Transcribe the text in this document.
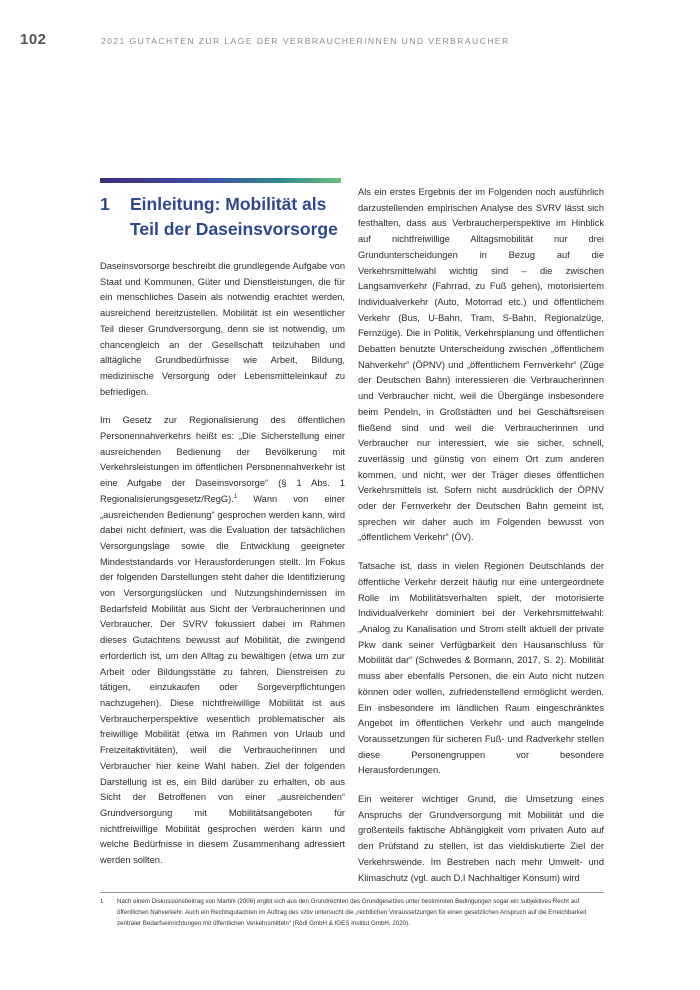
102	2021 GUTACHTEN ZUR LAGE DER VERBRAUCHERINNEN UND VERBRAUCHER
1 Einleitung: Mobilität als Teil der Daseinsvorsorge

Daseinsvorsorge beschreibt die grundlegende Aufgabe von Staat und Kommunen, Güter und Dienstleistungen, die für ein menschliches Dasein als notwendig erachtet werden, ausreichend bereitzustellen. Mobilität ist ein wesentlicher Teil dieser Grundversorgung, denn sie ist notwendig, um chancengleich an der Gesellschaft teilzuhaben und alltägliche Grundbedürfnisse wie Arbeit, Bildung, medizinische Versorgung oder Lebensmitteleinkauf zu befriedigen.

Im Gesetz zur Regionalisierung des öffentlichen Personennahverkehrs heißt es: „Die Sicherstellung einer ausreichenden Bedienung der Bevölkerung mit Verkehrsleistungen im öffentlichen Personennahverkehr ist eine Aufgabe der Daseinsvorsorge“ (§ 1 Abs. 1 Regionalisierungsgesetz/RegG).$^1$ Wann von einer „ausreichenden Bedienung“ gesprochen werden kann, wird dabei nicht definiert, was die Evaluation der tatsächlichen Versorgungslage sowie die Entwicklung geeigneter Mindeststandards vor Herausforderungen stellt. Im Fokus der folgenden Darstellungen steht daher die Identifizierung von Versorgungslücken und Nutzungshindernissen im Bedarfsfeld Mobilität aus Sicht der Verbraucherinnen und Verbraucher. Der SVRV fokussiert dabei im Rahmen dieses Gutachtens bewusst auf Mobilität, die zwingend erforderlich ist, um den Alltag zu bewältigen (etwa um zur Arbeit oder Bildungsstätte zu fahren, Dienstreisen zu tätigen, einzukaufen oder Sorgeverpflichtungen nachzugehen). Diese nichtfreiwillige Mobilität ist aus Verbraucherperspektive wesentlich problematischer als freiwillige Mobilität (etwa im Rahmen von Urlaub und Freizeitaktivitäten), weil die Verbraucherinnen und Verbraucher hier keine Wahl haben. Ziel der folgenden Darstellung ist es, ein Bild darüber zu erhalten, ob aus Sicht der Betroffenen von einer „ausreichenden“ Grundversorgung mit Mobilitätsangeboten für nichtfreiwillige Mobilität gesprochen werden kann und welche Bedürfnisse in diesem Zusammenhang adressiert werden sollten.

Als ein erstes Ergebnis der im Folgenden noch ausführlich darzustellenden empirischen Analyse des SVRV lässt sich festhalten, dass aus Verbraucherperspektive im Hinblick auf nichtfreiwillige Alltagsmobilität nur drei Grundunterscheidungen in Bezug auf die Verkehrsmittelwahl wichtig sind – die zwischen Langsamverkehr (Fahrrad, zu Fuß gehen), motorisiertem Individualverkehr (Auto, Motorrad etc.) und öffentlichem Verkehr (Bus, U-Bahn, Tram, S-Bahn, Regionalzüge, Fernzüge). Die in Politik, Verkehrsplanung und öffentlichen Debatten benutzte Unterscheidung zwischen „öffentlichem Nahverkehr“ (ÖPNV) und „öffentlichem Fernverkehr“ (Züge der Deutschen Bahn) interessieren die Verbraucherinnen und Verbraucher nicht, weil die Übergänge insbesondere beim Pendeln, in Großstädten und bei Geschäftsreisen fließend sind und weil die Verbraucherinnen und Verbraucher nur interessiert, wie sie sicher, schnell, zuverlässig und günstig von einem Ort zum anderen kommen, und nicht, wer der Träger dieses öffentlichen Verkehrsmittels ist. Sofern nicht ausdrücklich der ÖPNV oder der Fernverkehr der Deutschen Bahn gemeint ist, sprechen wir daher auch im Folgenden bewusst von „öffentlichem Verkehr“ (ÖV).

Tatsache ist, dass in vielen Regionen Deutschlands der öffentliche Verkehr derzeit häufig nur eine untergeordnete Rolle im Mobilitätsverhalten spielt, der motorisierte Individualverkehr dominiert bei der Verkehrsmittelwahl: „Analog zu Kanalisation und Strom stellt aktuell der private Pkw dank seiner Verfügbarkeit den Hausanschluss für Mobilität dar“ (Schwedes & Bormann, 2017, S. 2). Mobilität muss aber ebenfalls Personen, die ein Auto nicht nutzen können oder wollen, zufriedenstellend ermöglicht werden. Ein insbesondere im ländlichen Raum eingeschränktes Angebot im öffentlichen Verkehr und auch mangelnde Voraussetzungen für sicheren Fuß- und Radverkehr stellen diese Personengruppen vor besondere Herausforderungen.

Ein weiterer wichtiger Grund, die Umsetzung eines Anspruchs der Grundversorgung mit Mobilität und die großenteils faktische Abhängigkeit vom privaten Auto auf den Prüfstand zu stellen, ist das vieldiskutierte Ziel der Verkehrswende. Im Bestreben nach mehr Umwelt- und Klimaschutz (vgl. auch D.I Nachhaltiger Konsum) wird

1 Nach einem Diskussionsbeitrag von Martini (2006) ergibt sich aus den Grundrechten des Grundgesetzes unter bestimmten Bedingungen sogar ein subjektives Recht auf öffentlichen Nahverkehr. Auch ein Rechtsgutachten im Auftrag des vzbv untersucht die „rechtlichen Voraussetzungen für einen gesetzlichen Anspruch auf die Erreichbarkeit zentraler Bedarfseinrichtungen mit öffentlichen Verkehrsmitteln“ (Rödl GmbH & IGES Institut GmbH, 2020).
